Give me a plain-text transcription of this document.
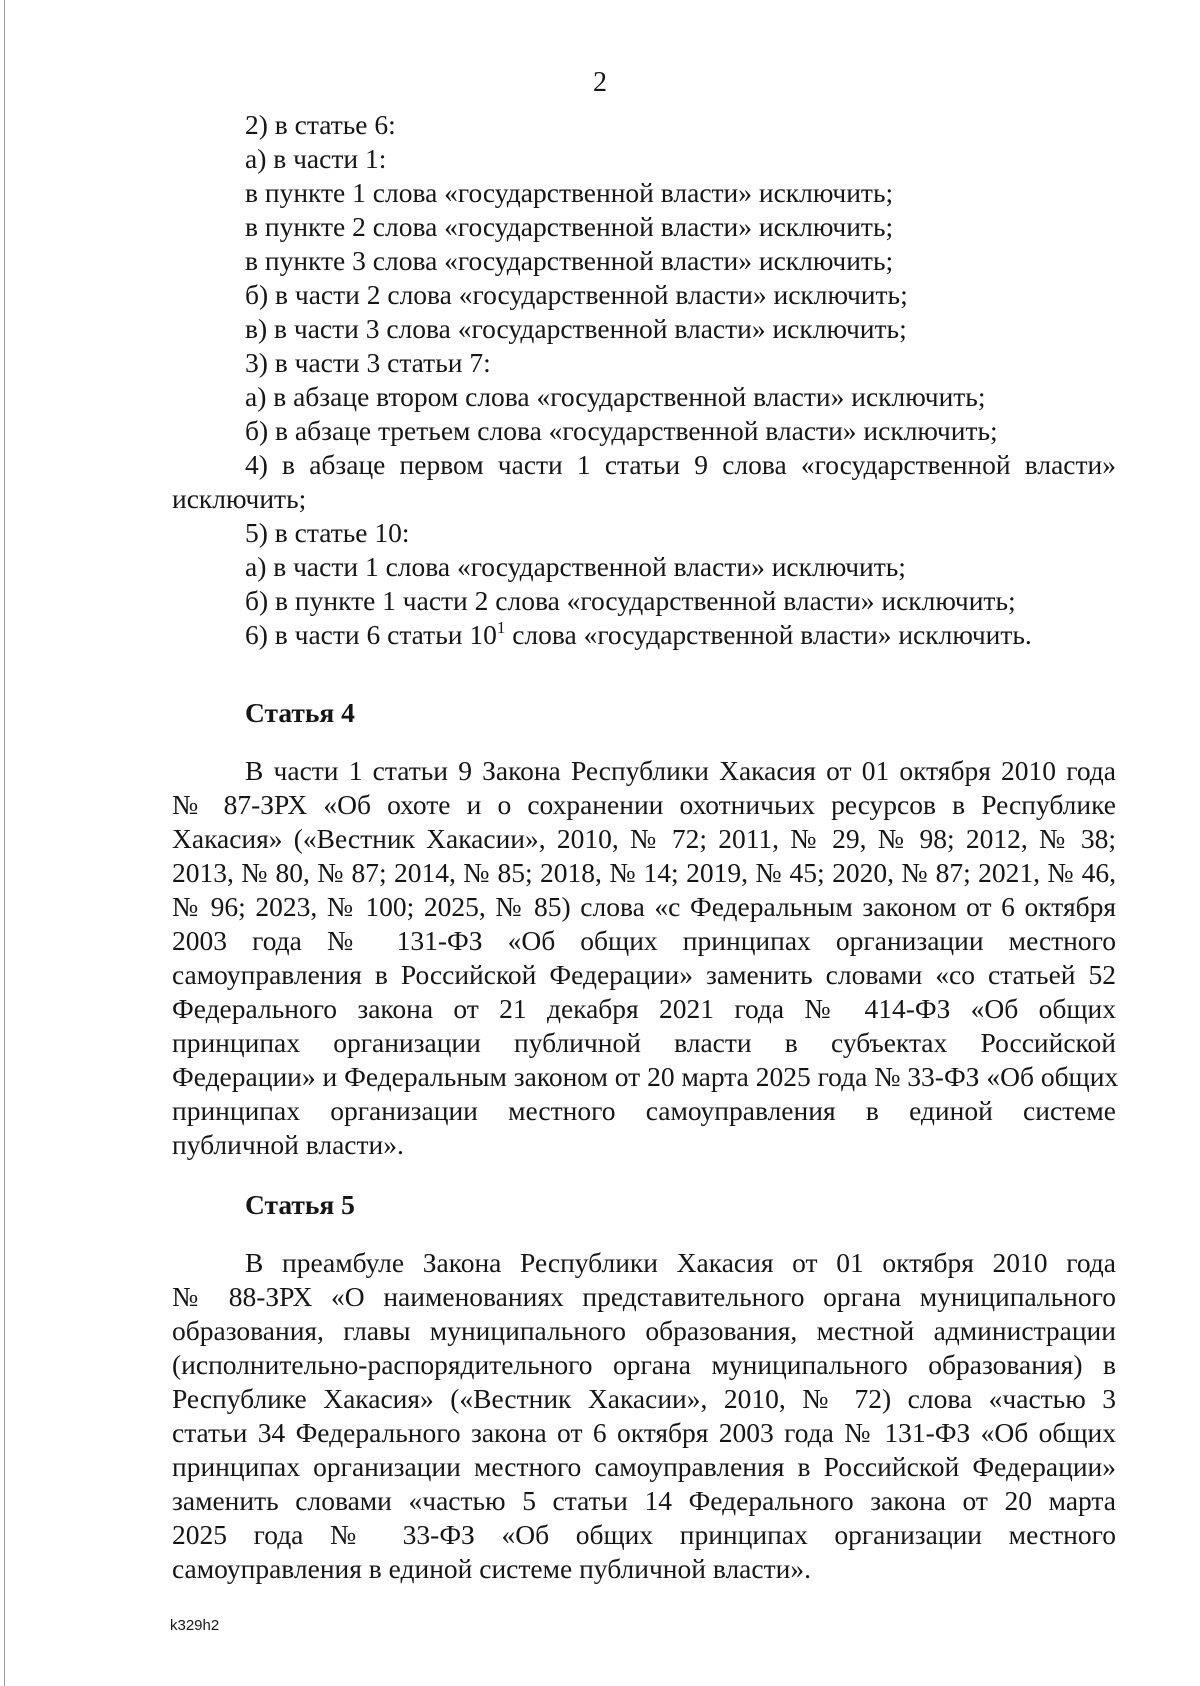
2
2) в статье 6:
а) в части 1:
в пункте 1 слова «государственной власти» исключить;
в пункте 2 слова «государственной власти» исключить;
в пункте 3 слова «государственной власти» исключить;
б) в части 2 слова «государственной власти» исключить;
в) в части 3 слова «государственной власти» исключить;
3) в части 3 статьи 7:
а) в абзаце втором слова «государственной власти» исключить;
б) в абзаце третьем слова «государственной власти» исключить;
4) в абзаце первом части 1 статьи 9 слова «государственной власти»
исключить;
5) в статье 10:
а) в части 1 слова «государственной власти» исключить;
б) в пункте 1 части 2 слова «государственной власти» исключить;
6) в части 6 статьи $10^1$ слова «государственной власти» исключить.
Статья 4
В части 1 статьи 9 Закона Республики Хакасия от 01 октября 2010 года
№ 87-ЗРХ «Об охоте и о сохранении охотничьих ресурсов в Республике
Хакасия» («Вестник Хакасии», 2010, № 72; 2011, № 29, № 98; 2012, № 38;
2013, № 80, № 87; 2014, № 85; 2018, № 14; 2019, № 45; 2020, № 87; 2021, № 46,
№ 96; 2023, № 100; 2025, № 85) слова «с Федеральным законом от 6 октября
2003 года № 131-ФЗ «Об общих принципах организации местного
самоуправления в Российской Федерации» заменить словами «со статьей 52
Федерального закона от 21 декабря 2021 года № 414-ФЗ «Об общих
принципах организации публичной власти в субъектах Российской
Федерации» и Федеральным законом от 20 марта 2025 года № 33-ФЗ «Об общих
принципах организации местного самоуправления в единой системе
публичной власти».
Статья 5
В преамбуле Закона Республики Хакасия от 01 октября 2010 года
№ 88-ЗРХ «О наименованиях представительного органа муниципального
образования, главы муниципального образования, местной администрации
(исполнительно-распорядительного органа муниципального образования) в
Республике Хакасия» («Вестник Хакасии», 2010, № 72) слова «частью 3
статьи 34 Федерального закона от 6 октября 2003 года № 131-ФЗ «Об общих
принципах организации местного самоуправления в Российской Федерации»
заменить словами «частью 5 статьи 14 Федерального закона от 20 марта
2025 года № 33-ФЗ «Об общих принципах организации местного
самоуправления в единой системе публичной власти».
k329h2
